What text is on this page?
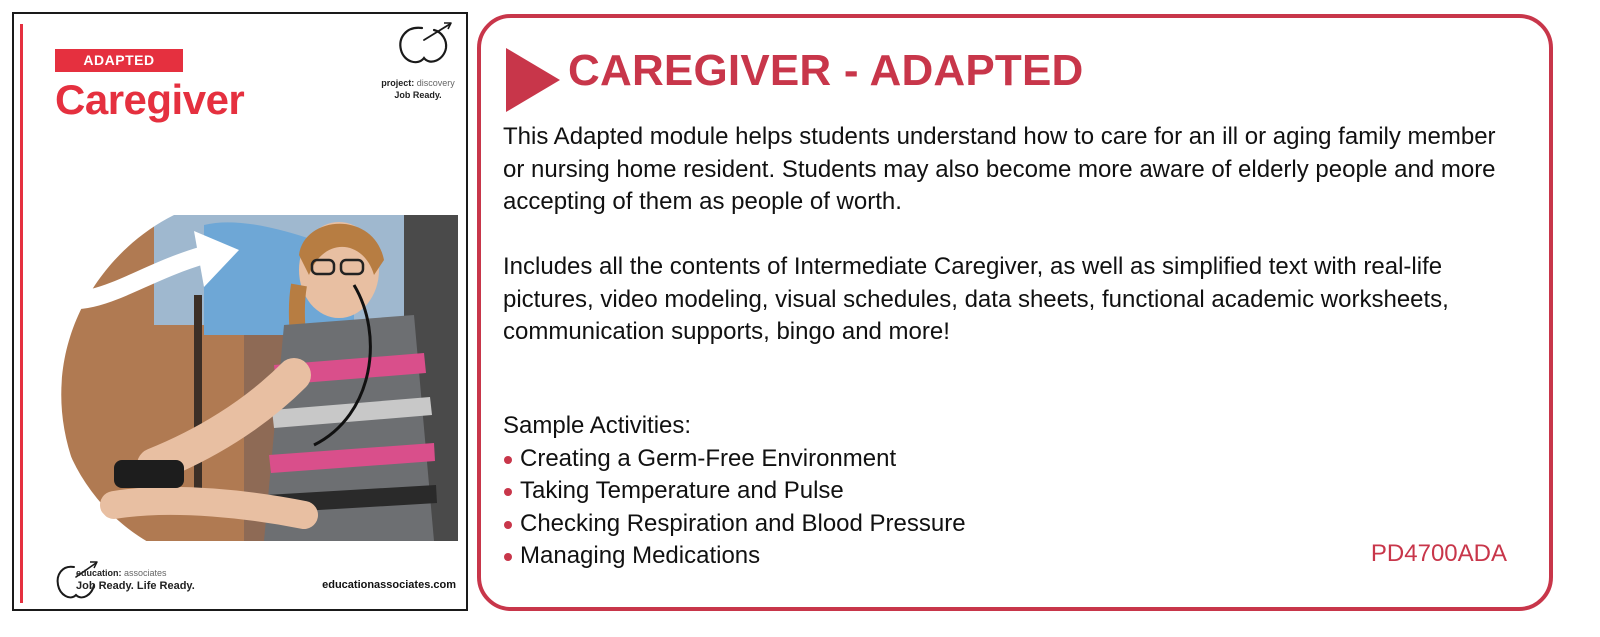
ADAPTED
Caregiver	project: discovery
Job Ready.
education: associates
Job Ready. Life Ready.	educationassociates.com
CAREGIVER - ADAPTED

This Adapted module helps students understand how to care for an ill or aging family member or nursing home resident. Students may also become more aware of elderly people and more accepting of them as people of worth.

Includes all the contents of Intermediate Caregiver, as well as simplified text with real-life pictures, video modeling, visual schedules, data sheets, functional academic worksheets, communication supports, bingo and more!

Sample Activities:
Creating a Germ-Free Environment
Taking Temperature and Pulse
Checking Respiration and Blood Pressure
Managing Medications	PD4700ADA
